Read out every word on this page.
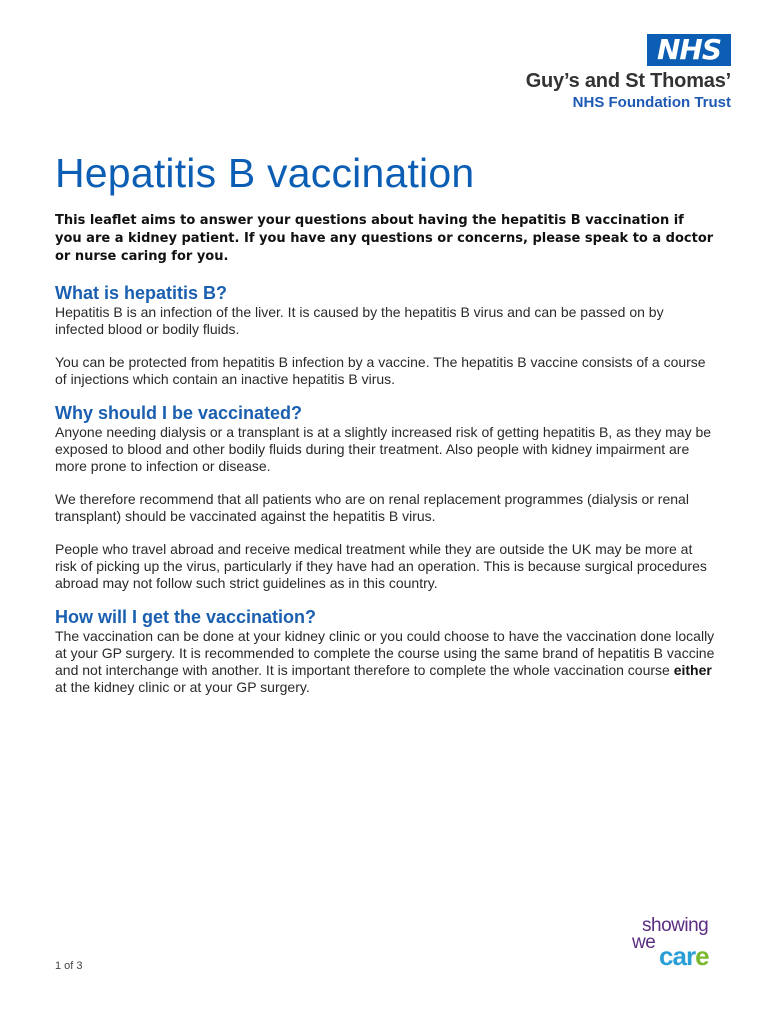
NHS
Guy’s and St Thomas’
NHS Foundation Trust
Hepatitis B vaccination

This leaflet aims to answer your questions about having the hepatitis B vaccination if you are a kidney patient. If you have any questions or concerns, please speak to a doctor or nurse caring for you.

What is hepatitis B?

Hepatitis B is an infection of the liver. It is caused by the hepatitis B virus and can be passed on by infected blood or bodily fluids.

You can be protected from hepatitis B infection by a vaccine. The hepatitis B vaccine consists of a course of injections which contain an inactive hepatitis B virus.

Why should I be vaccinated?

Anyone needing dialysis or a transplant is at a slightly increased risk of getting hepatitis B, as they may be exposed to blood and other bodily fluids during their treatment. Also people with kidney impairment are more prone to infection or disease.

We therefore recommend that all patients who are on renal replacement programmes (dialysis or renal transplant) should be vaccinated against the hepatitis B virus.

People who travel abroad and receive medical treatment while they are outside the UK may be more at risk of picking up the virus, particularly if they have had an operation. This is because surgical procedures abroad may not follow such strict guidelines as in this country.

How will I get the vaccination?

The vaccination can be done at your kidney clinic or you could choose to have the vaccination done locally at your GP surgery. It is recommended to complete the course using the same brand of hepatitis B vaccine and not interchange with another. It is important therefore to complete the whole vaccination course either at the kidney clinic or at your GP surgery.

1 of 3
showing
we care
